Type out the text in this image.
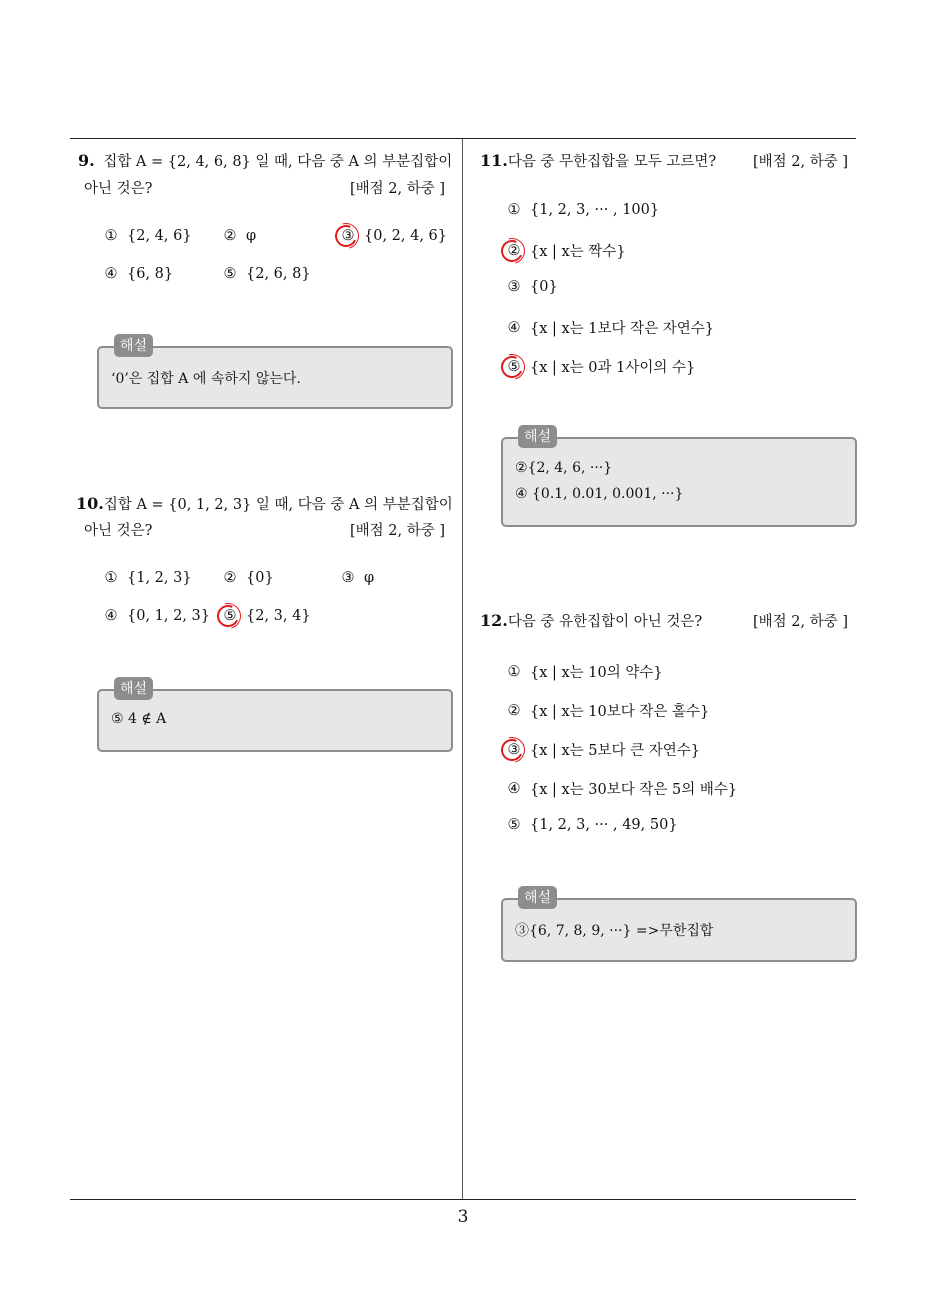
9. 집합 A = {2, 4, 6, 8} 일 때, 다음 중 A 의 부분집합이
아닌 것은?	[배점 2, 하중 ]
① {2, 4, 6} ② φ	③ {0, 2, 4, 6}
④ {6, 8}	⑤ {2, 6, 8}
해설
‘0’은 집합 A 에 속하지 않는다.
10.집합 A = {0, 1, 2, 3} 일 때, 다음 중 A 의 부분집합이
아닌 것은?	[배점 2, 하중 ]
① {1, 2, 3} ② {0}	③ φ
④ {0, 1, 2, 3} ⑤ {2, 3, 4}
해설
⑤ 4 ∉ A
11.다음 중 무한집합을 모두 고르면?	[배점 2, 하중 ]
① {1, 2, 3, ··· , 100}
② {x | x는 짝수}
③ {0}
④ {x | x는 1보다 작은 자연수}
⑤ {x | x는 0과 1사이의 수}
해설
②{2, 4, 6, ···}
④ {0.1, 0.01, 0.001, ···}
12.다음 중 유한집합이 아닌 것은?	[배점 2, 하중 ]
① {x | x는 10의 약수}
② {x | x는 10보다 작은 홀수}
③ {x | x는 5보다 큰 자연수}
④ {x | x는 30보다 작은 5의 배수}
⑤ {1, 2, 3, ··· , 49, 50}
해설
③{6, 7, 8, 9, ···} =>무한집합
3
